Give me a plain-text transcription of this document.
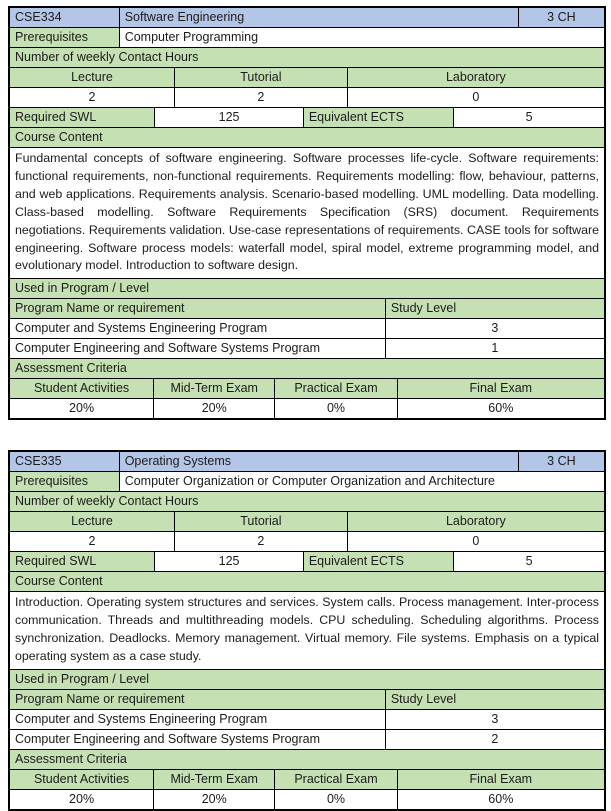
CSE334	Software Engineering	3 CH
Prerequisites	Computer Programming
Number of weekly Contact Hours
Lecture	Tutorial	Laboratory
2	2	0
Required SWL	125	Equivalent ECTS	5
Course Content
Fundamental concepts of software engineering. Software processes life-cycle. Software requirements: functional requirements, non-functional requirements. Requirements modelling: flow, behaviour, patterns, and web applications. Requirements analysis. Scenario-based modelling. UML modelling. Data modelling. Class-based modelling. Software Requirements Specification (SRS) document. Requirements negotiations. Requirements validation. Use-case representations of requirements. CASE tools for software engineering. Software process models: waterfall model, spiral model, extreme programming model, and evolutionary model. Introduction to software design.
Used in Program / Level
Program Name or requirement	Study Level
Computer and Systems Engineering Program	3
Computer Engineering and Software Systems Program	1
Assessment Criteria
Student Activities	Mid-Term Exam	Practical Exam	Final Exam
20%	20%	0%	60%
CSE335	Operating Systems	3 CH
Prerequisites	Computer Organization or Computer Organization and Architecture
Number of weekly Contact Hours
Lecture	Tutorial	Laboratory
2	2	0
Required SWL	125	Equivalent ECTS	5
Course Content
Introduction. Operating system structures and services. System calls. Process management. Inter-process communication. Threads and multithreading models. CPU scheduling. Scheduling algorithms. Process synchronization. Deadlocks. Memory management. Virtual memory. File systems. Emphasis on a typical operating system as a case study.
Used in Program / Level
Program Name or requirement	Study Level
Computer and Systems Engineering Program	3
Computer Engineering and Software Systems Program	2
Assessment Criteria
Student Activities	Mid-Term Exam	Practical Exam	Final Exam
20%	20%	0%	60%
